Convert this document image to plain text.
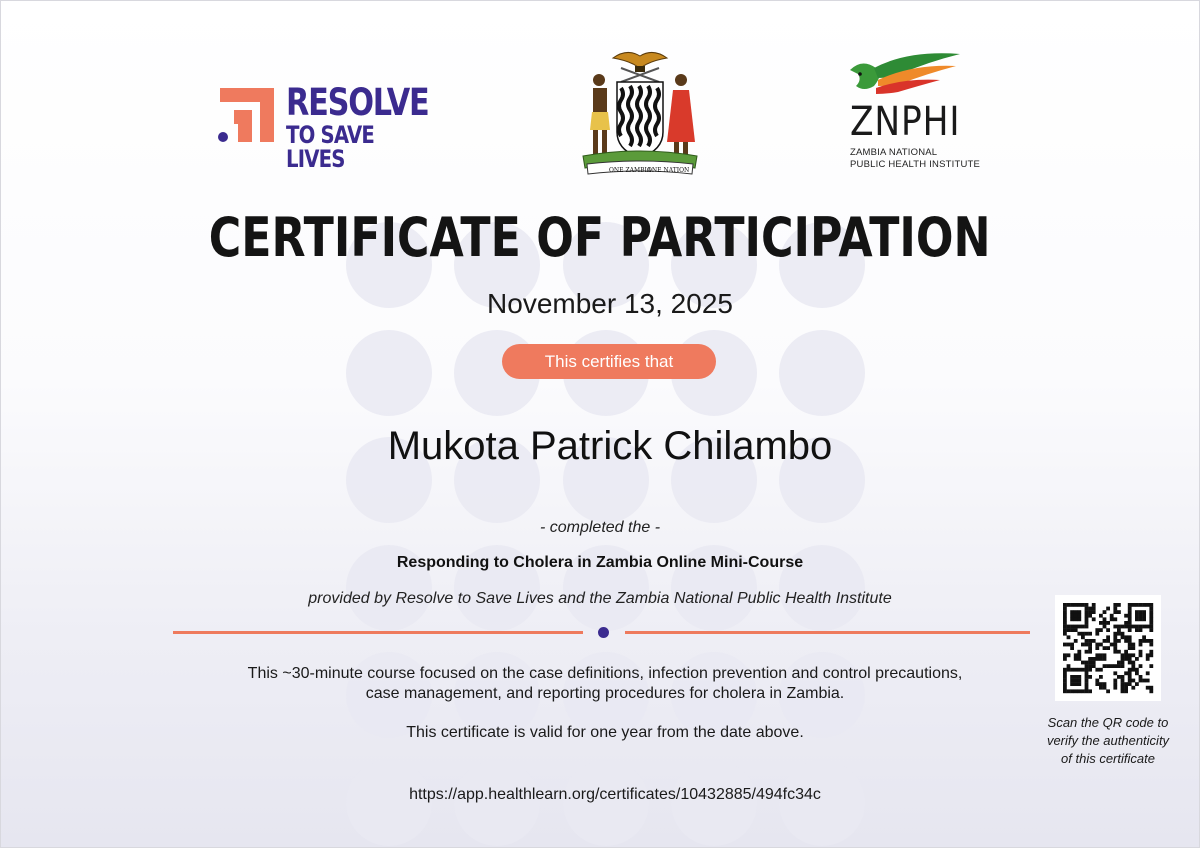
RESOLVE
TO SAVE LIVES	ONE ZAMBIA
ONE NATION
ZNPHI
ZAMBIA NATIONAL
PUBLIC HEALTH INSTITUTE
CERTIFICATE OF PARTICIPATION
November 13, 2025
This certifies that
Mukota Patrick Chilambo
- completed the -
Responding to Cholera in Zambia Online Mini-Course
provided by Resolve to Save Lives and the Zambia National Public Health Institute
This ~30-minute course focused on the case definitions, infection prevention and control precautions,
case management, and reporting procedures for cholera in Zambia.
This certificate is valid for one year from the date above.
https://app.healthlearn.org/certificates/10432885/494fc34c
Scan the QR code to
verify the authenticity
of this certificate
